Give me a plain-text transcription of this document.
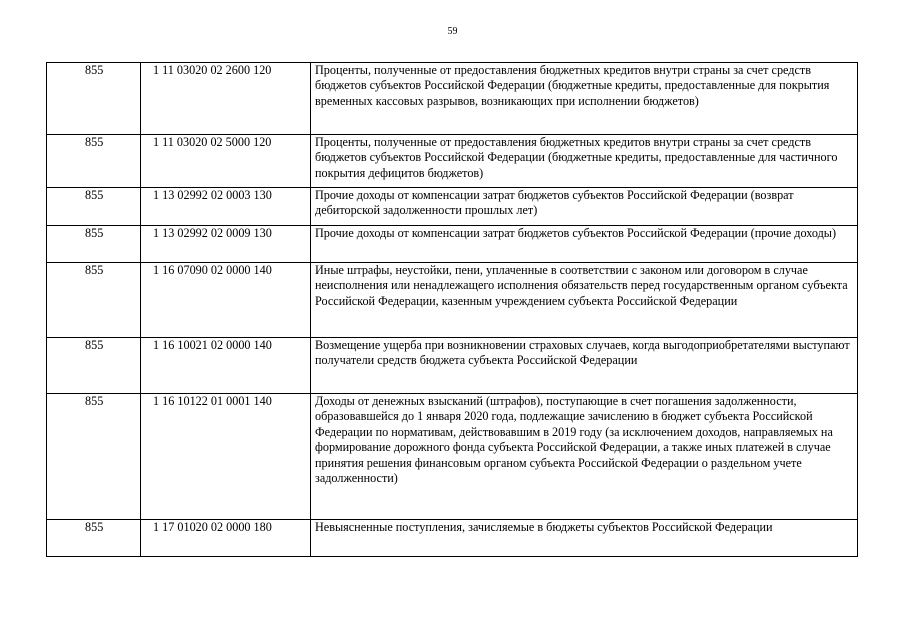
59
855	1 11 03020 02 2600 120	Проценты, полученные от предоставления бюджетных кредитов внутри страны за счет средств бюджетов субъектов Российской Федерации (бюджетные кредиты, предоставленные для покрытия временных кассовых разрывов, возникающих при исполнении бюджетов)
855	1 11 03020 02 5000 120	Проценты, полученные от предоставления бюджетных кредитов внутри страны за счет средств бюджетов субъектов Российской Федерации (бюджетные кредиты, предоставленные для частичного покрытия дефицитов бюджетов)
855	1 13 02992 02 0003 130	Прочие доходы от компенсации затрат бюджетов субъектов Российской Федерации (возврат дебиторской задолженности прошлых лет)
855	1 13 02992 02 0009 130	Прочие доходы от компенсации затрат бюджетов субъектов Российской Федерации (прочие доходы)
855	1 16 07090 02 0000 140	Иные штрафы, неустойки, пени, уплаченные в соответствии с законом или договором в случае неисполнения или ненадлежащего исполнения обязательств перед государственным органом субъекта Российской Федерации, казенным учреждением субъекта Российской Федерации
855	1 16 10021 02 0000 140	Возмещение ущерба при возникновении страховых случаев, когда выгодоприобретателями выступают получатели средств бюджета субъекта Российской Федерации
855	1 16 10122 01 0001 140	Доходы от денежных взысканий (штрафов), поступающие в счет погашения задолженности, образовавшейся до 1 января 2020 года, подлежащие зачислению в бюджет субъекта Российской Федерации по нормативам, действовавшим в 2019 году (за исключением доходов, направляемых на формирование дорожного фонда субъекта Российской Федерации, а также иных платежей в случае принятия решения финансовым органом субъекта Российской Федерации о раздельном учете задолженности)
855	1 17 01020 02 0000 180	Невыясненные поступления, зачисляемые в бюджеты субъектов Российской Федерации
